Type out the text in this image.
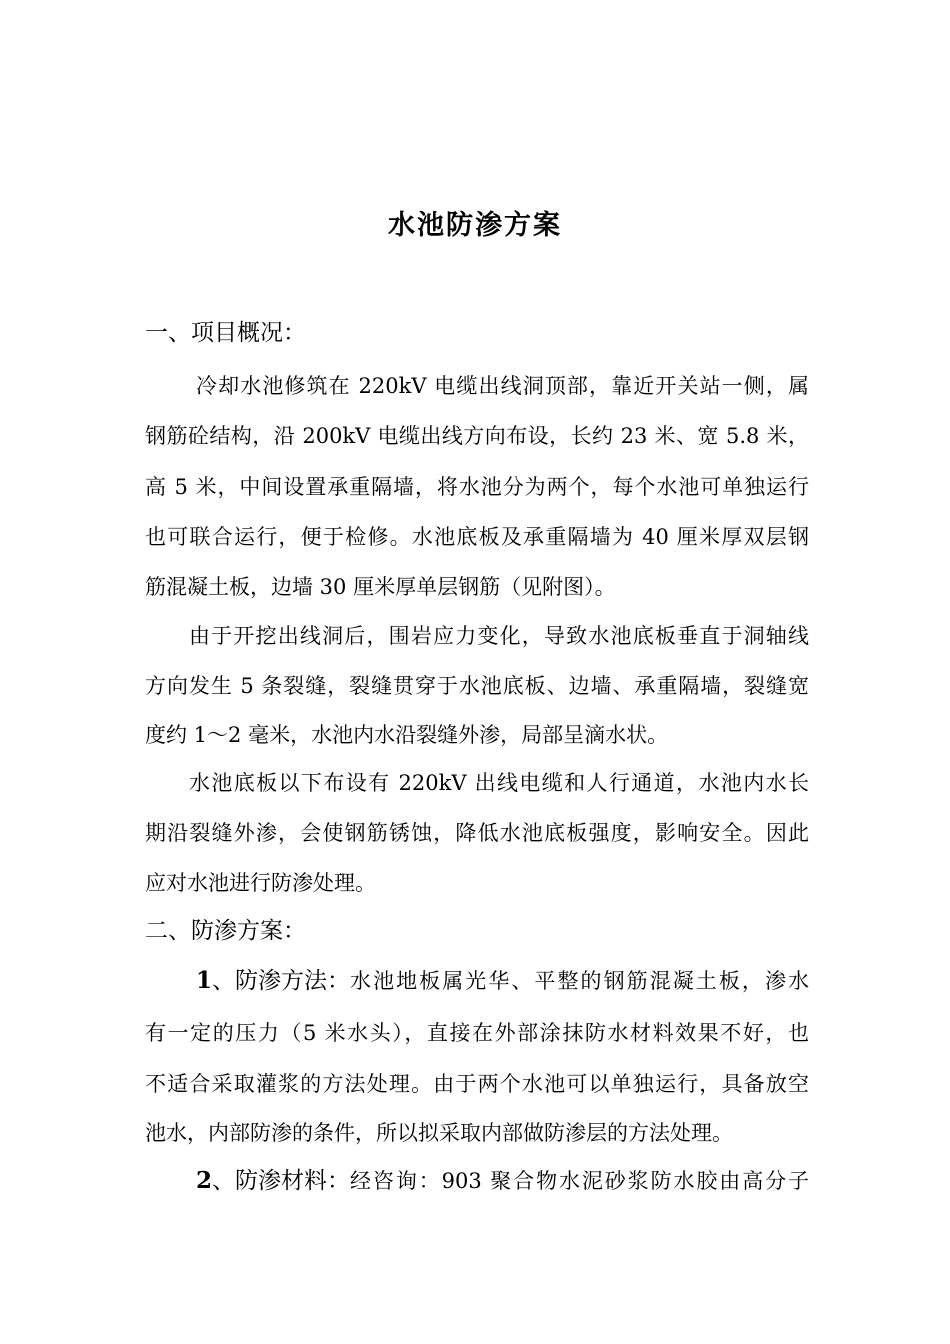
水池防渗方案
一、项目概况：
冷却水池修筑在 220kV 电缆出线洞顶部，靠近开关站一侧，属
钢筋砼结构，沿 200kV 电缆出线方向布设，长约 23 米、宽 5.8 米，
高 5 米，中间设置承重隔墙，将水池分为两个，每个水池可单独运行
也可联合运行，便于检修。水池底板及承重隔墙为 40 厘米厚双层钢
筋混凝土板，边墙 30 厘米厚单层钢筋（见附图）。
由于开挖出线洞后，围岩应力变化，导致水池底板垂直于洞轴线
方向发生 5 条裂缝，裂缝贯穿于水池底板、边墙、承重隔墙，裂缝宽
度约 1～2 毫米，水池内水沿裂缝外渗，局部呈滴水状。
水池底板以下布设有 220kV 出线电缆和人行通道，水池内水长
期沿裂缝外渗，会使钢筋锈蚀，降低水池底板强度，影响安全。因此
应对水池进行防渗处理。
二、防渗方案：
1 、防渗方法： 水池地板属光华、平整的钢筋混凝土板，渗水
有一定的压力（5 米水头），直接在外部涂抹防水材料效果不好，也
不适合采取灌浆的方法处理。由于两个水池可以单独运行，具备放空
池水，内部防渗的条件，所以拟采取内部做防渗层的方法处理。
2 、防渗材料： 经咨询：903 聚合物水泥砂浆防水胶由高分子
